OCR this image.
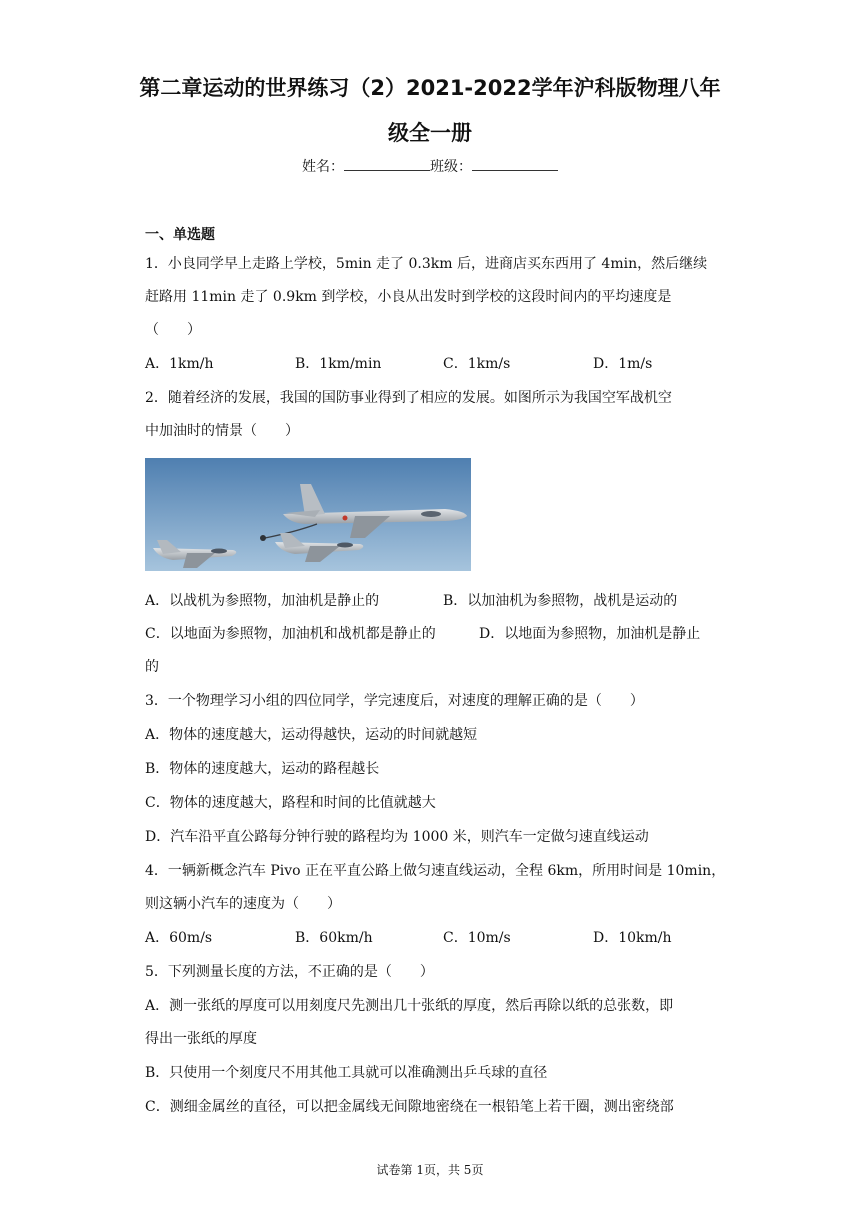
第二章运动的世界练习（2）2021-2022学年沪科版物理八年
级全一册
姓名：	班级：
一、单选题
1．小良同学早上走路上学校，5min 走了 0.3km 后，进商店买东西用了 4min，然后继续
赶路用 11min 走了 0.9km 到学校，小良从出发时到学校的这段时间内的平均速度是
（　　）
A．1km/h	B．1km/min	C．1km/s	D．1m/s
2．随着经济的发展，我国的国防事业得到了相应的发展。如图所示为我国空军战机空
中加油时的情景（　　）
A．以战机为参照物，加油机是静止的	B．以加油机为参照物，战机是运动的
C．以地面为参照物，加油机和战机都是静止的	D．以地面为参照物，加油机是静止
的
3．一个物理学习小组的四位同学，学完速度后，对速度的理解正确的是（　　）
A．物体的速度越大，运动得越快，运动的时间就越短
B．物体的速度越大，运动的路程越长
C．物体的速度越大，路程和时间的比值就越大
D．汽车沿平直公路每分钟行驶的路程均为 1000 米，则汽车一定做匀速直线运动
4．一辆新概念汽车 Pivo 正在平直公路上做匀速直线运动，全程 6km，所用时间是 10min，
则这辆小汽车的速度为（　　）
A．60m/s	B．60km/h	C．10m/s	D．10km/h
5．下列测量长度的方法，不正确的是（　　）
A．测一张纸的厚度可以用刻度尺先测出几十张纸的厚度，然后再除以纸的总张数，即
得出一张纸的厚度
B．只使用一个刻度尺不用其他工具就可以准确测出乒乓球的直径
C．测细金属丝的直径，可以把金属线无间隙地密绕在一根铅笔上若干圈，测出密绕部
试卷第 1页，共 5页
